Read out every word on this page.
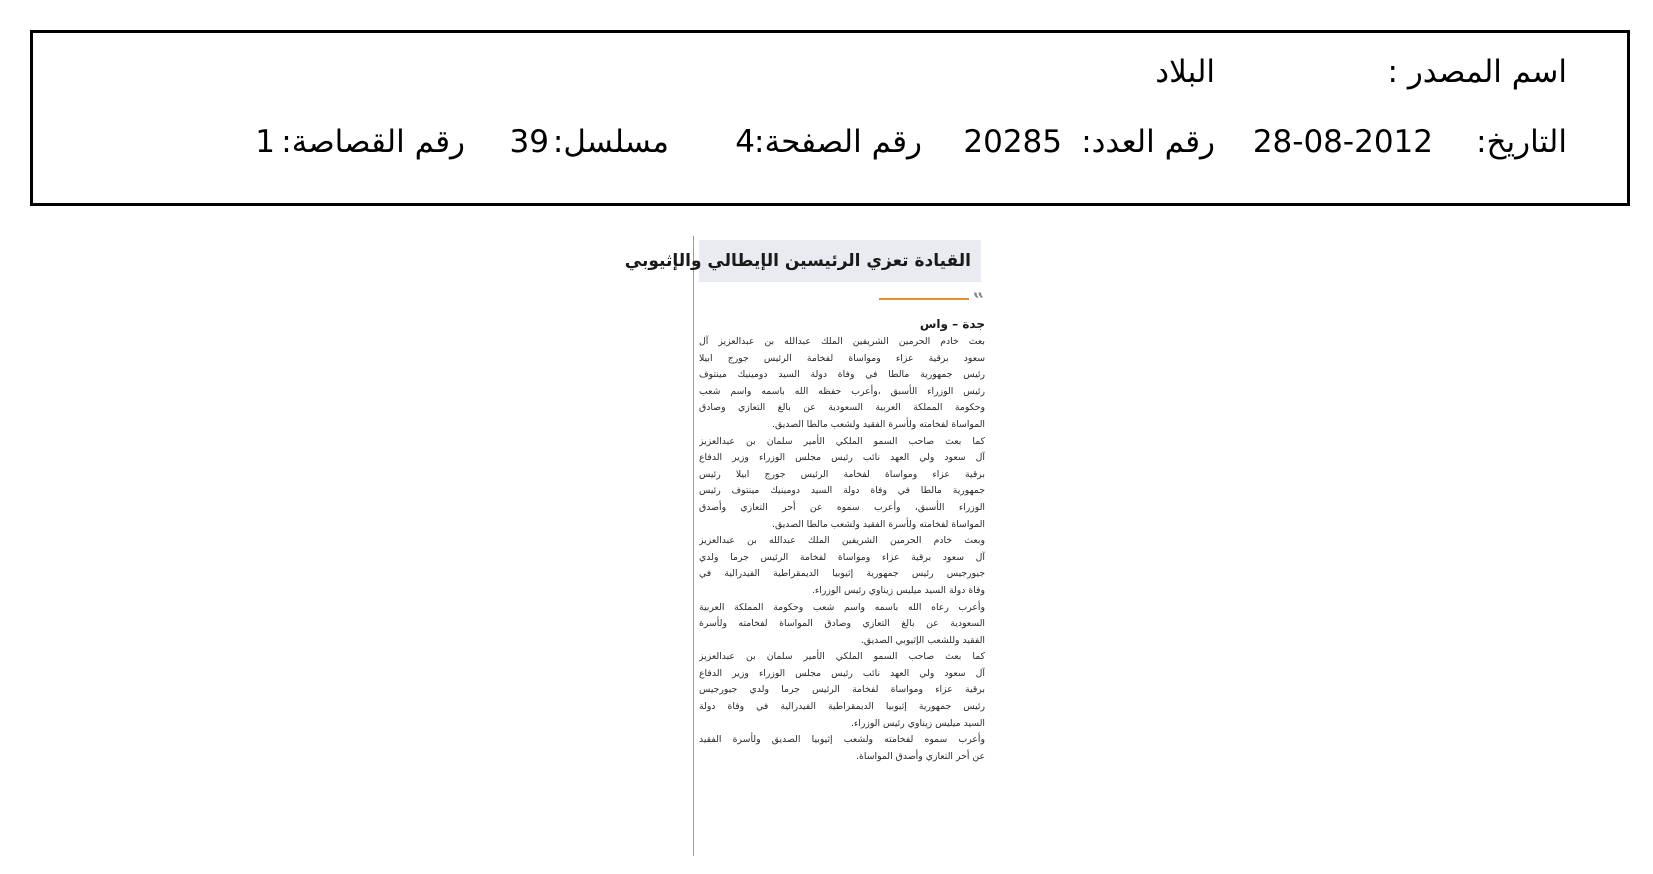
اسم المصدر :
البلاد
التاريخ:
28-08-2012
رقم العدد:
20285
رقم الصفحة:
4
مسلسل:
39
رقم القصاصة:
1
القيادة تعزي الرئيسين الإيطالي والإثيوبي
‟
جدة – واس
بعث خادم الحرمين الشريفين الملك عبدالله بن عبدالعزيز آل
سعود برقية عزاء ومواساة لفخامة الرئيس جورج ابيلا
رئيس جمهورية مالطا في وفاة دولة السيد دومينيك مينتوف
رئيس الوزراء الأسبق ،وأعرب حفظه الله باسمه واسم شعب
وحكومة المملكة العربية السعودية عن بالغ التعازي وصادق
المواساة لفخامته ولأسرة الفقيد ولشعب مالطا الصديق.
كما بعث صاحب السمو الملكي الأمير سلمان بن عبدالعزيز
آل سعود ولي العهد نائب رئيس مجلس الوزراء وزير الدفاع
برقية عزاء ومواساة لفخامة الرئيس جورج ابيلا رئيس
جمهورية مالطا في وفاة دولة السيد دومينيك مينتوف رئيس
الوزراء الأسبق، وأعرب سموه عن أحر التعازي وأصدق
المواساة لفخامته ولأسرة الفقيد ولشعب مالطا الصديق.
وبعث خادم الحرمين الشريفين الملك عبدالله بن عبدالعزيز
آل سعود برقية عزاء ومواساة لفخامة الرئيس جرما ولدي
جيورجيس رئيس جمهورية إثيوبيا الديمقراطية الفيدرالية في
وفاة دولة السيد ميليس زيناوي رئيس الوزراء.
وأعرب رعاه الله باسمه واسم شعب وحكومة المملكة العربية
السعودية عن بالغ التعازي وصادق المواساة لفخامته ولأسرة
الفقيد وللشعب الإثيوبي الصديق.
كما بعث صاحب السمو الملكي الأمير سلمان بن عبدالعزيز
آل سعود ولي العهد نائب رئيس مجلس الوزراء وزير الدفاع
برقية عزاء ومواساة لفخامة الرئيس جرما ولدي جيورجيس
رئيس جمهورية إثيوبيا الديمقراطية الفيدرالية في وفاة دولة
السيد ميليس زيناوي رئيس الوزراء.
وأعرب سموه لفخامته ولشعب إثيوبيا الصديق ولأسرة الفقيد
عن أحر التعازي وأصدق المواساة.
